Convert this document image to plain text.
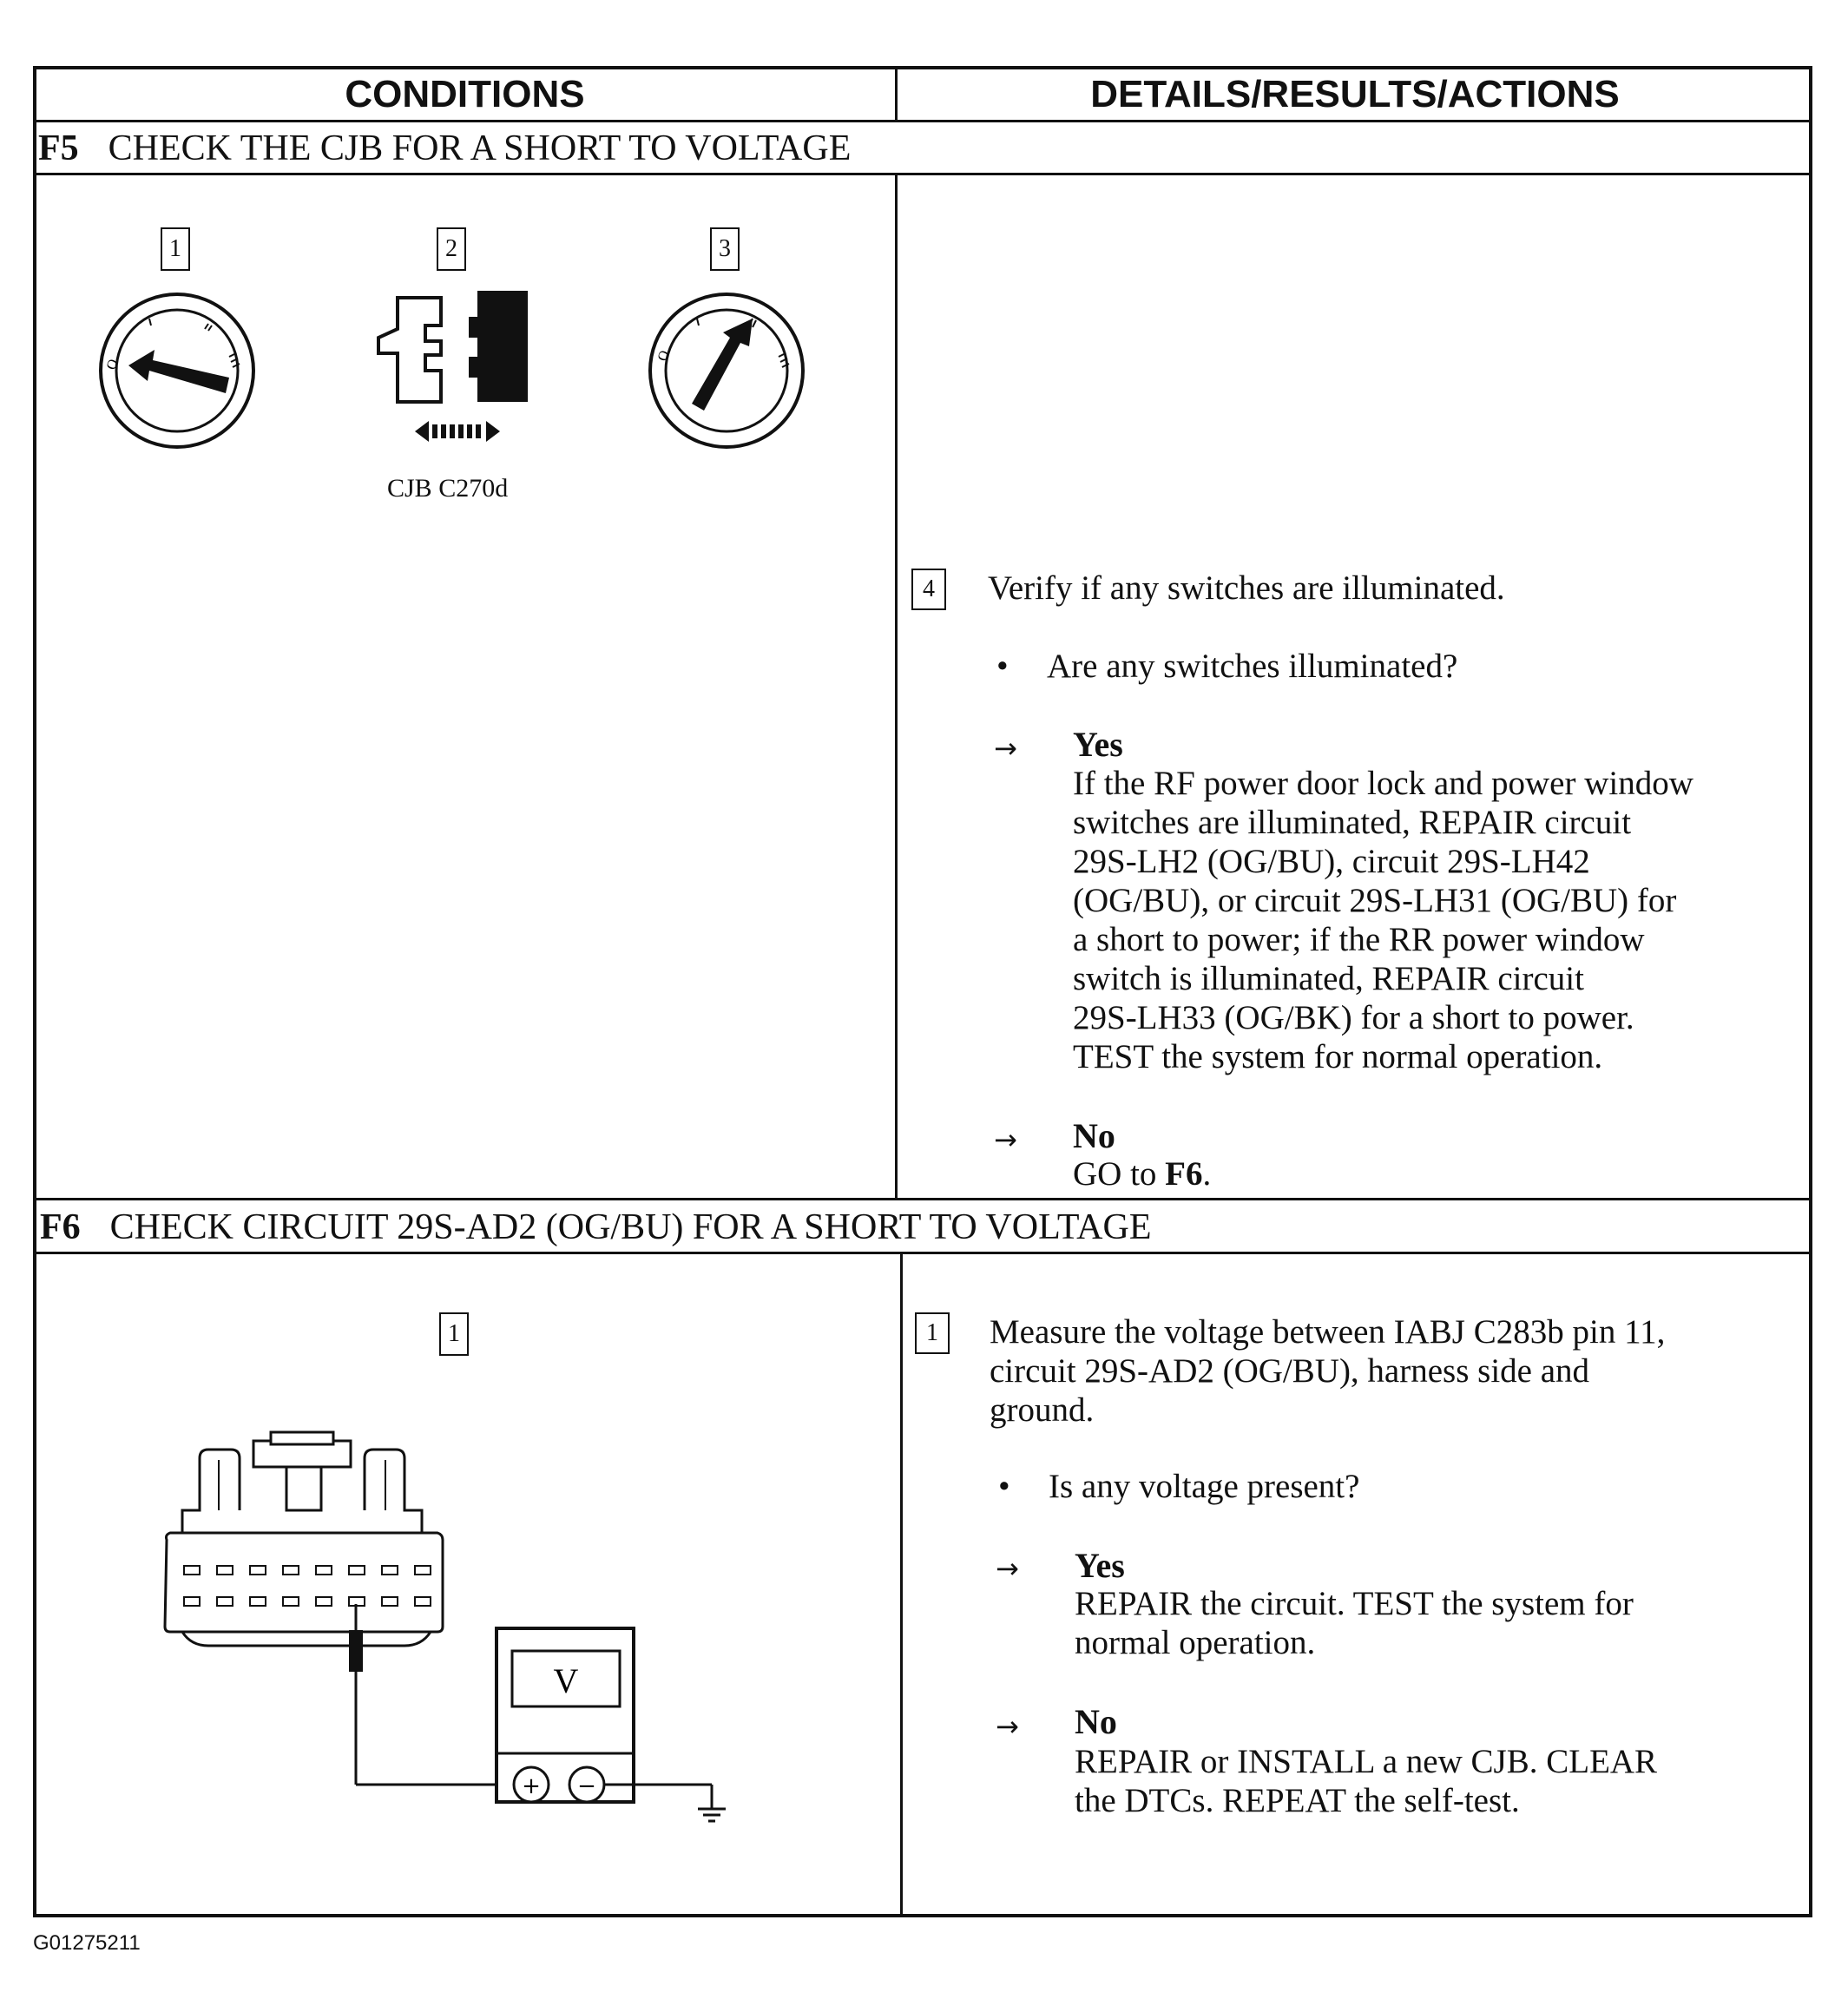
CONDITIONS	DETAILS/RESULTS/ACTIONS
F5 CHECK THE CJB FOR A SHORT TO VOLTAGE
1
O
2
CJB C270d
3
O
4	Verify if any switches are illuminated.
• Are any switches illuminated?
→ Yes
If the RF power door lock and power window
switches are illuminated, REPAIR circuit
29S-LH2 (OG/BU), circuit 29S-LH42
(OG/BU), or circuit 29S-LH31 (OG/BU) for
a short to power; if the RR power window
switch is illuminated, REPAIR circuit
29S-LH33 (OG/BK) for a short to power.
TEST the system for normal operation.
→ No
GO to F6.
F6 CHECK CIRCUIT 29S-AD2 (OG/BU) FOR A SHORT TO VOLTAGE
1
V
+ −
1	Measure the voltage between IABJ C283b pin 11,
circuit 29S-AD2 (OG/BU), harness side and
ground.
• Is any voltage present?
→ Yes
REPAIR the circuit. TEST the system for
normal operation.
→ No
REPAIR or INSTALL a new CJB. CLEAR
the DTCs. REPEAT the self-test.
G01275211
